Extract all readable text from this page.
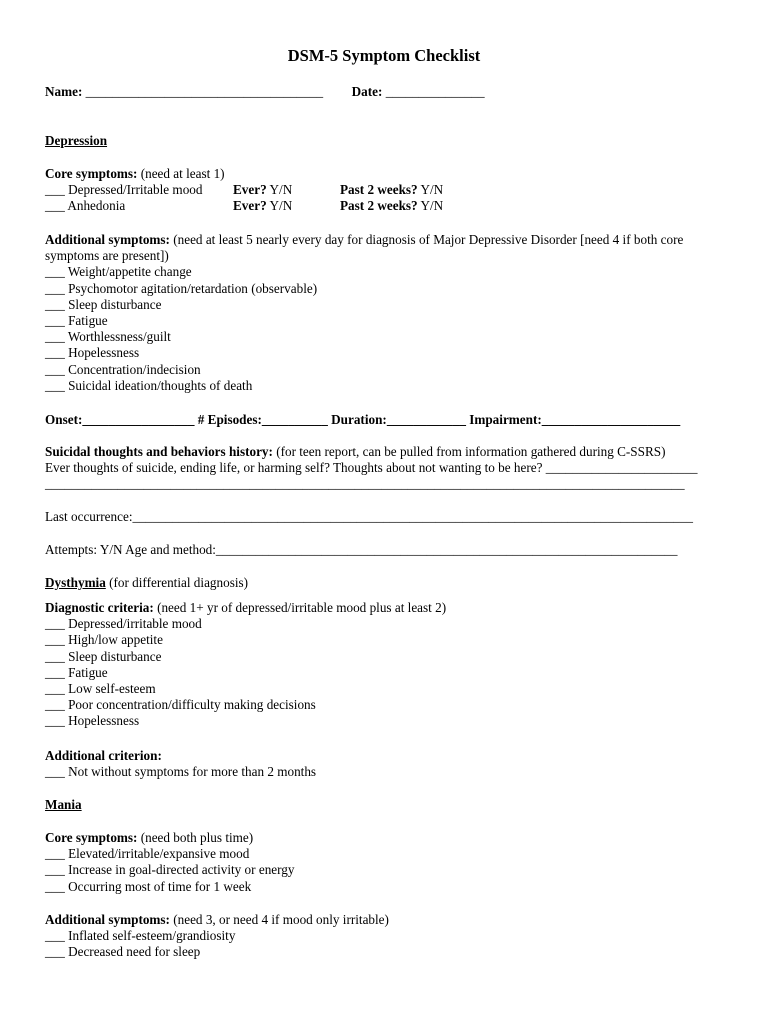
DSM-5 Symptom Checklist
Name: ____________________________________ Date: _______________
Depression
Core symptoms: (need at least 1)
___ Depressed/Irritable mood Ever? Y/N	Past 2 weeks? Y/N
___ Anhedonia	Ever? Y/N	Past 2 weeks? Y/N
Additional symptoms: (need at least 5 nearly every day for diagnosis of Major Depressive Disorder [need 4 if both core symptoms are present])
___ Weight/appetite change
___ Psychomotor agitation/retardation (observable)
___ Sleep disturbance
___ Fatigue
___ Worthlessness/guilt
___ Hopelessness
___ Concentration/indecision
___ Suicidal ideation/thoughts of death
Onset:_________________ # Episodes:__________ Duration:____________ Impairment:_____________________
Suicidal thoughts and behaviors history: (for teen report, can be pulled from information gathered during C-SSRS)
Ever thoughts of suicide, ending life, or harming self? Thoughts about not wanting to be here? _______________________
_________________________________________________________________________________________________
Last occurrence:_____________________________________________________________________________________
Attempts: Y/N Age and method:______________________________________________________________________
Dysthymia (for differential diagnosis)
Diagnostic criteria: (need 1+ yr of depressed/irritable mood plus at least 2)
___ Depressed/irritable mood
___ High/low appetite
___ Sleep disturbance
___ Fatigue
___ Low self-esteem
___ Poor concentration/difficulty making decisions
___ Hopelessness
Additional criterion:
___ Not without symptoms for more than 2 months
Mania
Core symptoms: (need both plus time)
___ Elevated/irritable/expansive mood
___ Increase in goal-directed activity or energy
___ Occurring most of time for 1 week
Additional symptoms: (need 3, or need 4 if mood only irritable)
___ Inflated self-esteem/grandiosity
___ Decreased need for sleep
